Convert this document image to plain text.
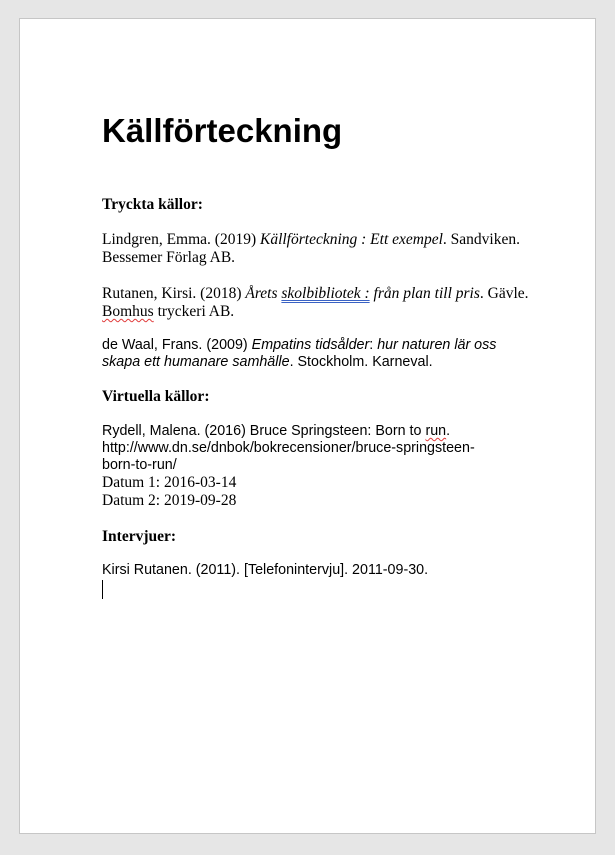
Källförteckning
Tryckta källor:
Lindgren, Emma. (2019) Källförteckning : Ett exempel. Sandviken.
Bessemer Förlag AB.
Rutanen, Kirsi. (2018) Årets skolbibliotek : från plan till pris. Gävle.
Bomhus tryckeri AB.
de Waal, Frans. (2009) Empatins tidsålder: hur naturen lär oss
skapa ett humanare samhälle. Stockholm. Karneval.
Virtuella källor:
Rydell, Malena. (2016) Bruce Springsteen: Born to run.
http://www.dn.se/dnbok/bokrecensioner/bruce-springsteen-
born-to-run/
Datum 1: 2016-03-14
Datum 2: 2019-09-28
Intervjuer:
Kirsi Rutanen. (2011). [Telefonintervju]. 2011-09-30.
